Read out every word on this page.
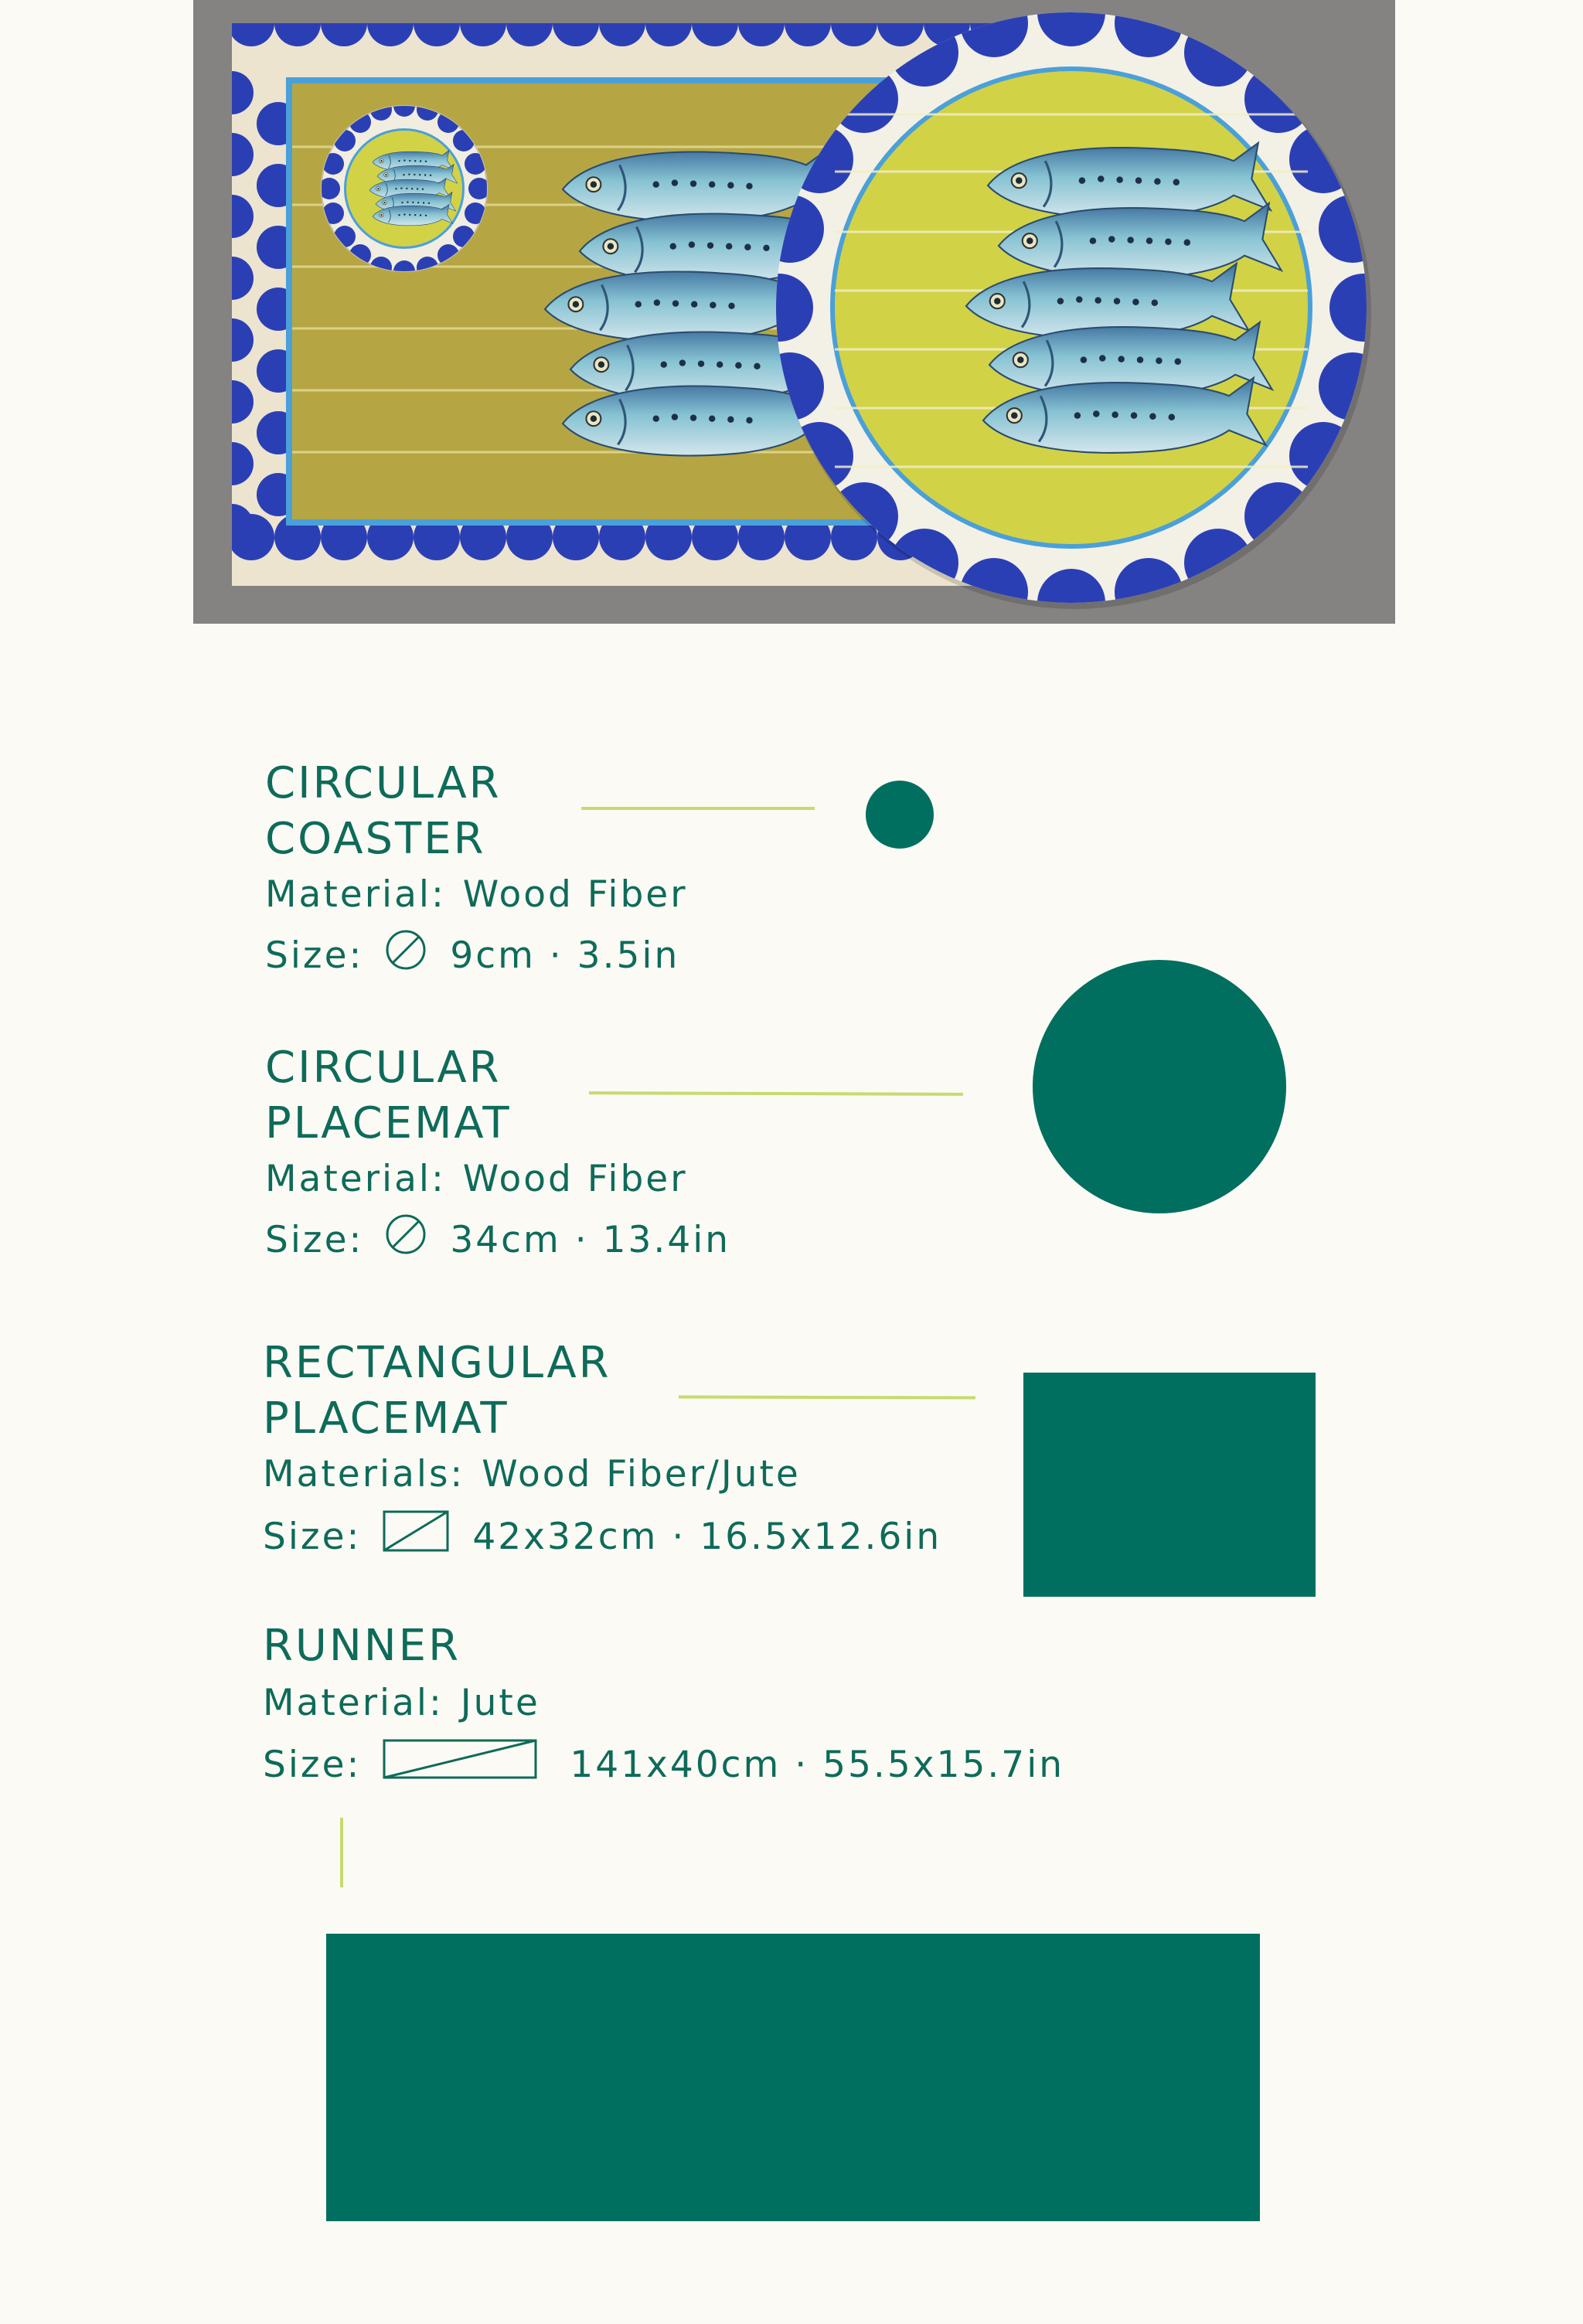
CIRCULAR
COASTER
Material: Wood Fiber
Size: 9cm · 3.5in
CIRCULAR
PLACEMAT
Material: Wood Fiber
Size: 34cm · 13.4in
RECTANGULAR
PLACEMAT
Materials: Wood Fiber/Jute
Size:	42x32cm · 16.5x12.6in
RUNNER
Material: Jute
Size:	141x40cm · 55.5x15.7in
